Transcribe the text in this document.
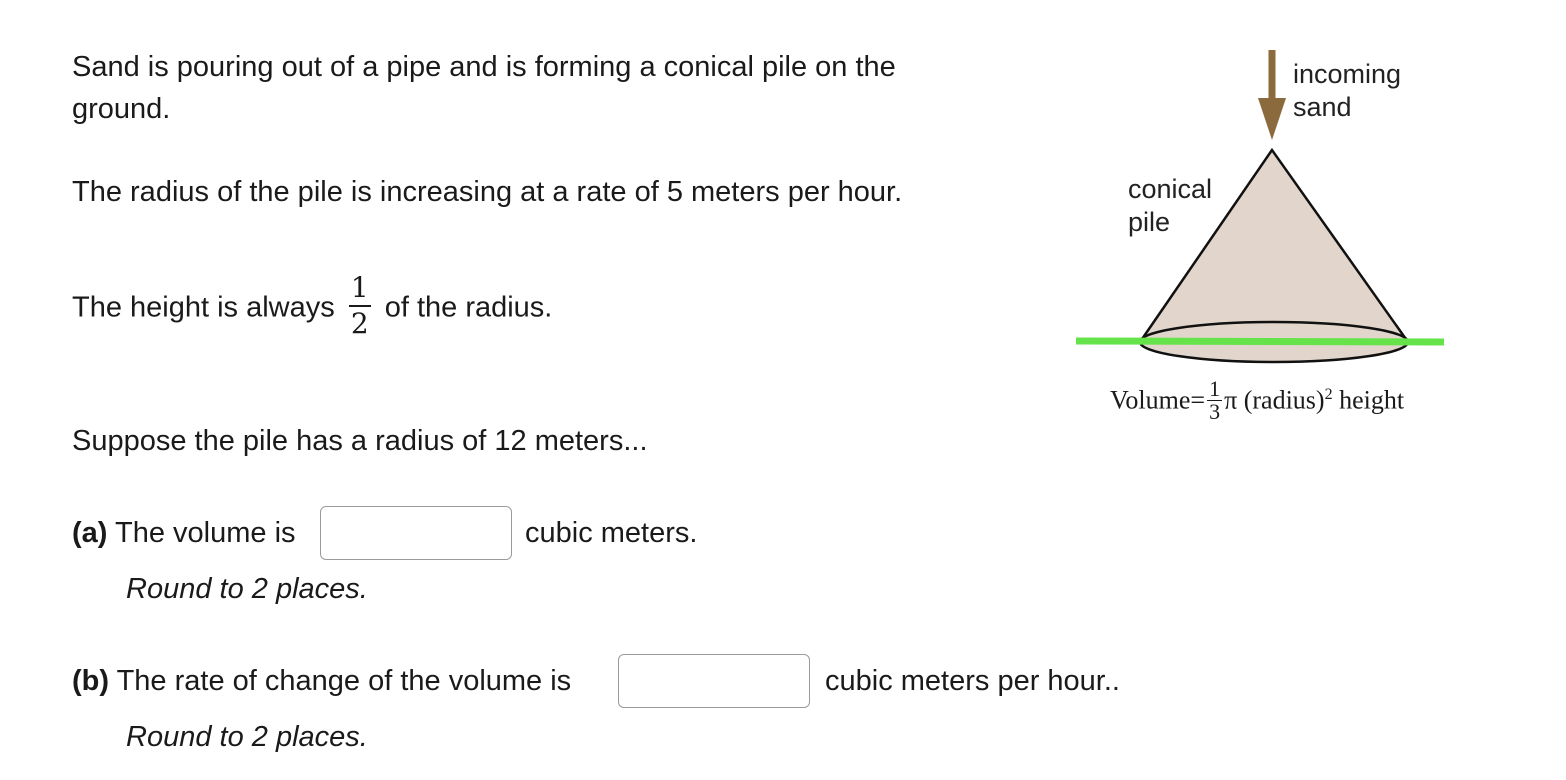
Sand is pouring out of a pipe and is forming a conical pile on the ground.
The radius of the pile is increasing at a rate of 5 meters per hour.
The height is always $\frac{1}{2}$ of the radius.
Suppose the pile has a radius of 12 meters...
(a) The volume is	cubic meters.
Round to 2 places.
(b) The rate of change of the volume is	cubic meters per hour..
Round to 2 places.
incoming sand
conical pile
Volume= $\frac{1}{3}$ π (radius)$^2$ height
